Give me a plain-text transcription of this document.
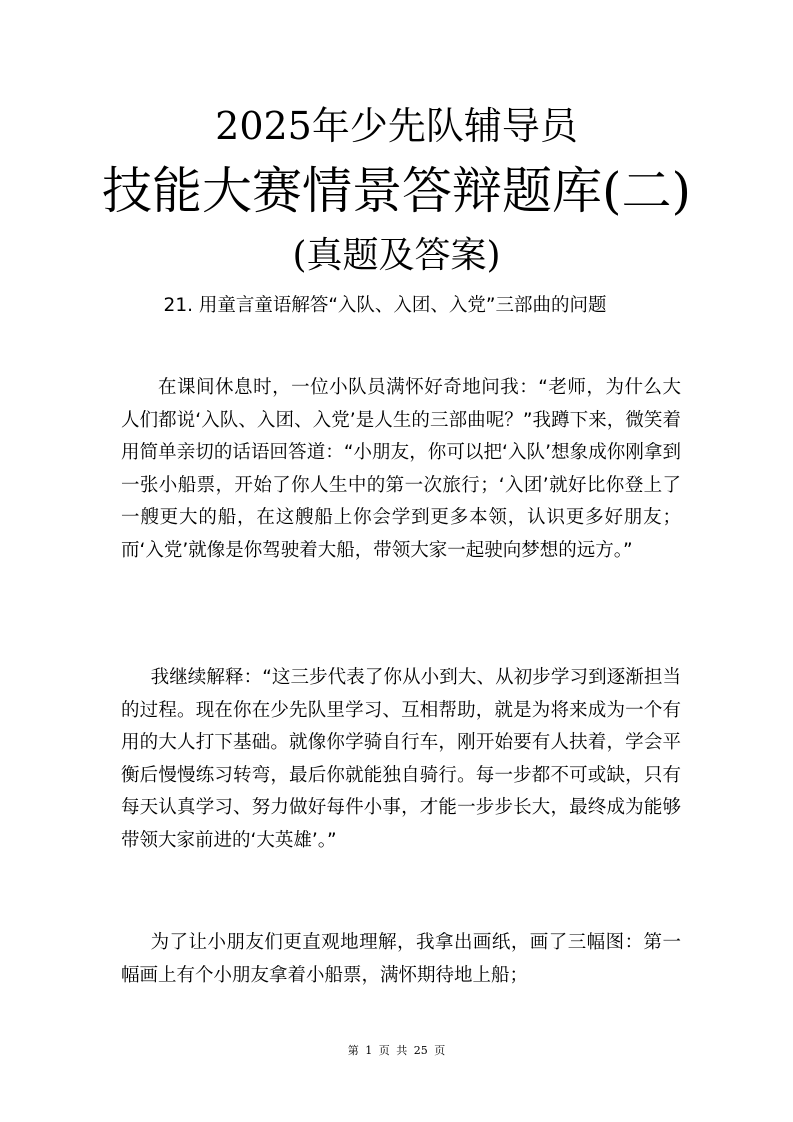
2025年少先队辅导员
技能大赛情景答辩题库(二)
(真题及答案)

21. 用童言童语解答“入队、入团、入党”三部曲的问题

在课间休息时，一位小队员满怀好奇地问我：“老师，为什么大人们都说‘入队、入团、入党’是人生的三部曲呢？”我蹲下来，微笑着用简单亲切的话语回答道：“小朋友，你可以把‘入队’想象成你刚拿到一张小船票，开始了你人生中的第一次旅行；‘入团’就好比你登上了一艘更大的船，在这艘船上你会学到更多本领，认识更多好朋友；而‘入党’就像是你驾驶着大船，带领大家一起驶向梦想的远方。”

我继续解释：“这三步代表了你从小到大、从初步学习到逐渐担当的过程。现在你在少先队里学习、互相帮助，就是为将来成为一个有用的大人打下基础。就像你学骑自行车，刚开始要有人扶着，学会平衡后慢慢练习转弯，最后你就能独自骑行。每一步都不可或缺，只有每天认真学习、努力做好每件小事，才能一步步长大，最终成为能够带领大家前进的‘大英雄’。”

为了让小朋友们更直观地理解，我拿出画纸，画了三幅图：第一幅画上有个小朋友拿着小船票，满怀期待地上船；

第 1 页 共 25 页
